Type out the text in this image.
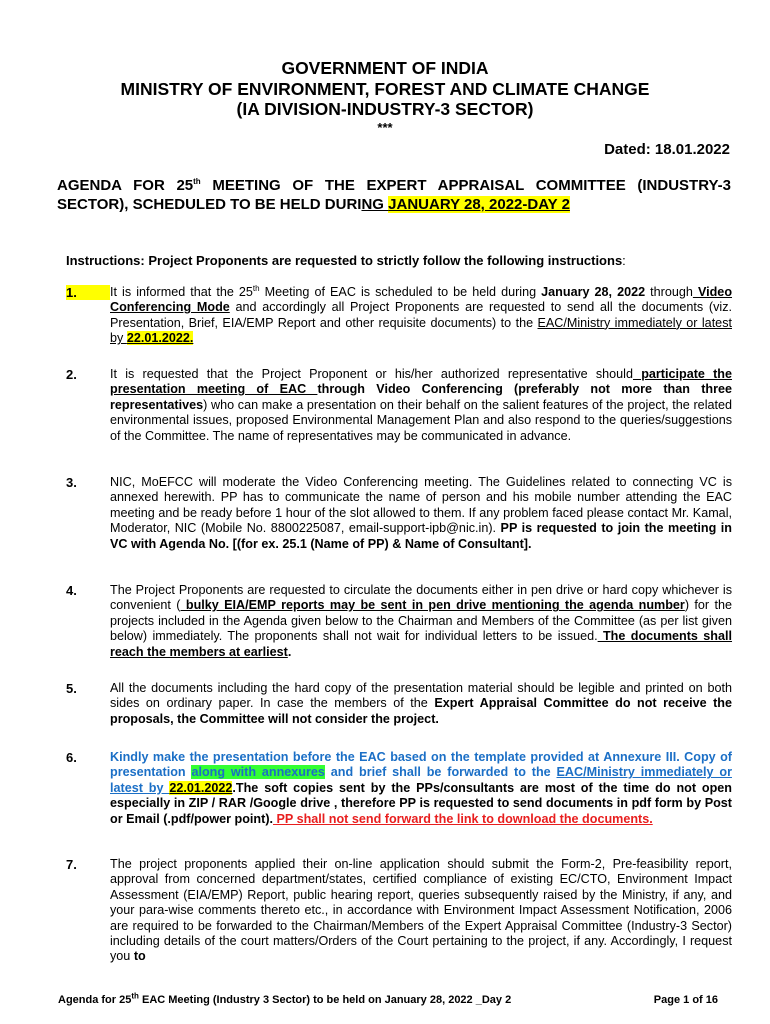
GOVERNMENT OF INDIA
MINISTRY OF ENVIRONMENT, FOREST AND CLIMATE CHANGE
(IA DIVISION-INDUSTRY-3 SECTOR)
***
Dated: 18.01.2022
AGENDA FOR 25th MEETING OF THE EXPERT APPRAISAL COMMITTEE (INDUSTRY-3 SECTOR), SCHEDULED TO BE HELD DURING JANUARY 28, 2022-DAY 2
Instructions: Project Proponents are requested to strictly follow the following instructions:
1.	It is informed that the 25th Meeting of EAC is scheduled to be held during January 28, 2022 through Video Conferencing Mode and accordingly all Project Proponents are requested to send all the documents (viz. Presentation, Brief, EIA/EMP Report and other requisite documents) to the EAC/Ministry immediately or latest by 22.01.2022.
2.	It is requested that the Project Proponent or his/her authorized representative should participate the presentation meeting of EAC through Video Conferencing (preferably not more than three representatives) who can make a presentation on their behalf on the salient features of the project, the related environmental issues, proposed Environmental Management Plan and also respond to the queries/suggestions of the Committee. The name of representatives may be communicated in advance.
3.	NIC, MoEFCC will moderate the Video Conferencing meeting. The Guidelines related to connecting VC is annexed herewith. PP has to communicate the name of person and his mobile number attending the EAC meeting and be ready before 1 hour of the slot allowed to them. If any problem faced please contact Mr. Kamal, Moderator, NIC (Mobile No. 8800225087, email-support-ipb@nic.in). PP is requested to join the meeting in VC with Agenda No. [(for ex. 25.1 (Name of PP) & Name of Consultant].
4.	The Project Proponents are requested to circulate the documents either in pen drive or hard copy whichever is convenient ( bulky EIA/EMP reports may be sent in pen drive mentioning the agenda number) for the projects included in the Agenda given below to the Chairman and Members of the Committee (as per list given below) immediately. The proponents shall not wait for individual letters to be issued. The documents shall reach the members at earliest.
5.	All the documents including the hard copy of the presentation material should be legible and printed on both sides on ordinary paper. In case the members of the Expert Appraisal Committee do not receive the proposals, the Committee will not consider the project.
6.	Kindly make the presentation before the EAC based on the template provided at Annexure III. Copy of presentation along with annexures and brief shall be forwarded to the EAC/Ministry immediately or latest by 22.01.2022.The soft copies sent by the PPs/consultants are most of the time do not open especially in ZIP / RAR /Google drive , therefore PP is requested to send documents in pdf form by Post or Email (.pdf/power point). PP shall not send forward the link to download the documents.
7.	The project proponents applied their on-line application should submit the Form-2, Pre-feasibility report, approval from concerned department/states, certified compliance of existing EC/CTO, Environment Impact Assessment (EIA/EMP) Report, public hearing report, queries subsequently raised by the Ministry, if any, and your para-wise comments thereto etc., in accordance with Environment Impact Assessment Notification, 2006 are required to be forwarded to the Chairman/Members of the Expert Appraisal Committee (Industry-3 Sector) including details of the court matters/Orders of the Court pertaining to the project, if any. Accordingly, I request you to
Agenda for 25th EAC Meeting (Industry 3 Sector) to be held on January 28, 2022 _Day 2	Page 1 of 16
